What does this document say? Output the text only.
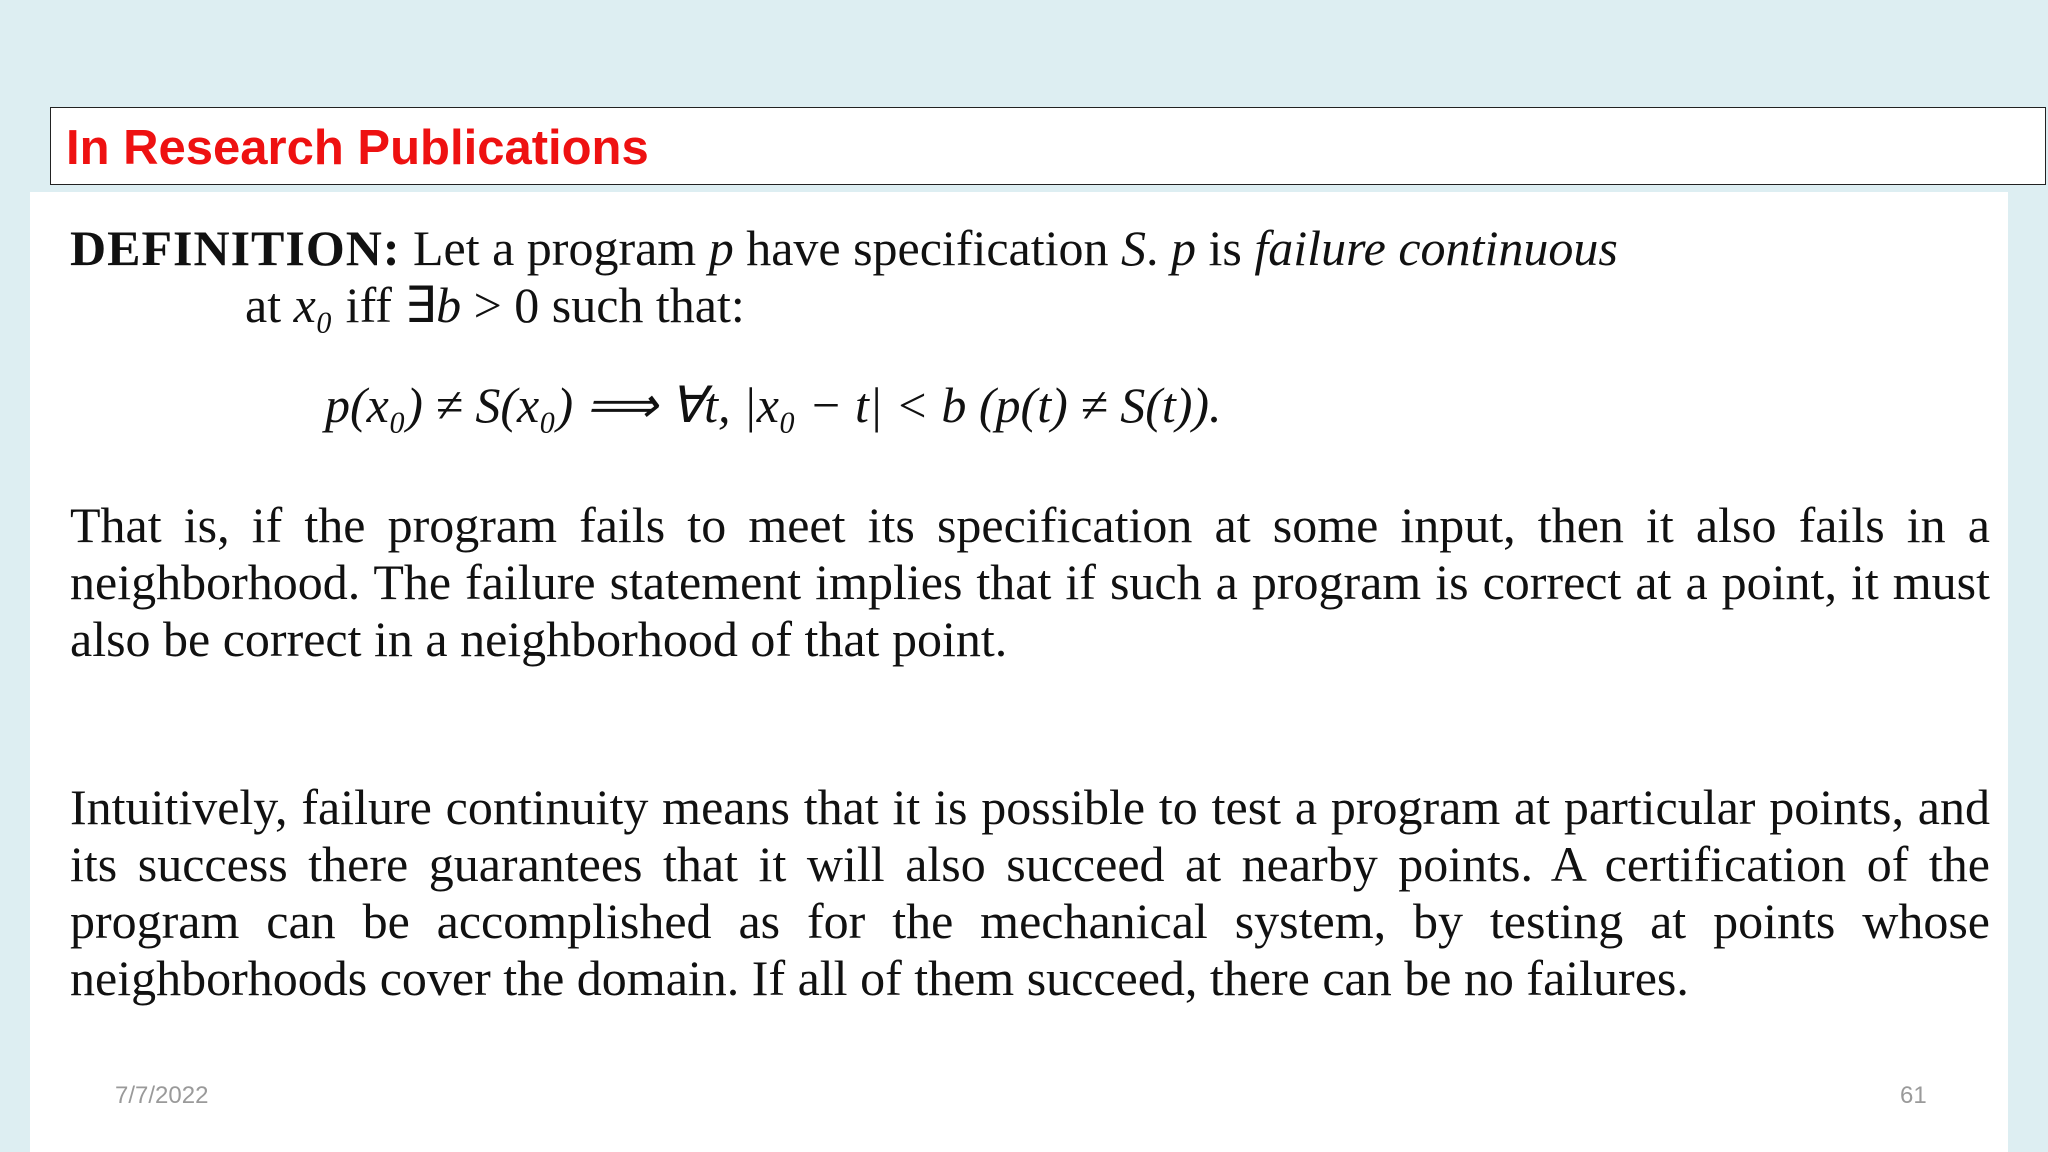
In Research Publications
DEFINITION: Let a program p have specification S. p is failure continuous
at x₀ iff ∃b > 0 such that:
p(x₀) ≠ S(x₀) ⟹ ∀t, |x₀ − t| < b (p(t) ≠ S(t)).

That is, if the program fails to meet its specification at some input, then it also fails in a neighborhood. The failure statement implies that if such a program is correct at a point, it must also be correct in a neighborhood of that point.

Intuitively, failure continuity means that it is possible to test a program at particular points, and its success there guarantees that it will also succeed at nearby points. A certification of the program can be accomplished as for the mechanical system, by testing at points whose neighborhoods cover the domain. If all of them succeed, there can be no failures.

7/7/2022	61
